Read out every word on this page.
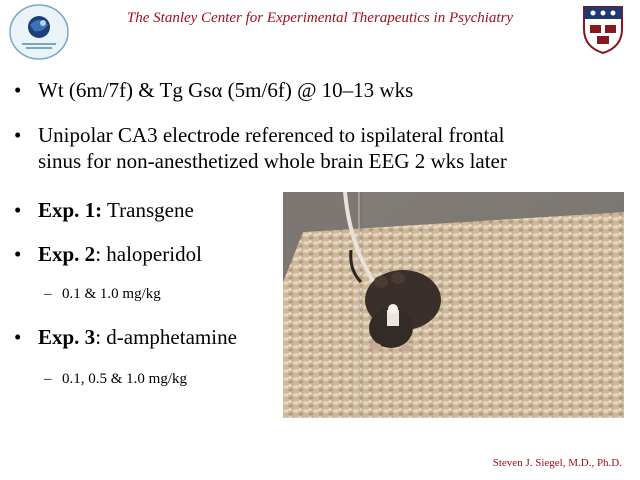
The Stanley Center for Experimental Therapeutics in Psychiatry
• Wt (6m/7f) & Tg Gsα (5m/6f) @ 10–13 wks
• Unipolar CA3 electrode referenced to ispilateral frontal
sinus for non-anesthetized whole brain EEG 2 wks later
• Exp. 1: Transgene
• Exp. 2: haloperidol
– 0.1 & 1.0 mg/kg
• Exp. 3: d-amphetamine
– 0.1, 0.5 & 1.0 mg/kg
Steven J. Siegel, M.D., Ph.D.
